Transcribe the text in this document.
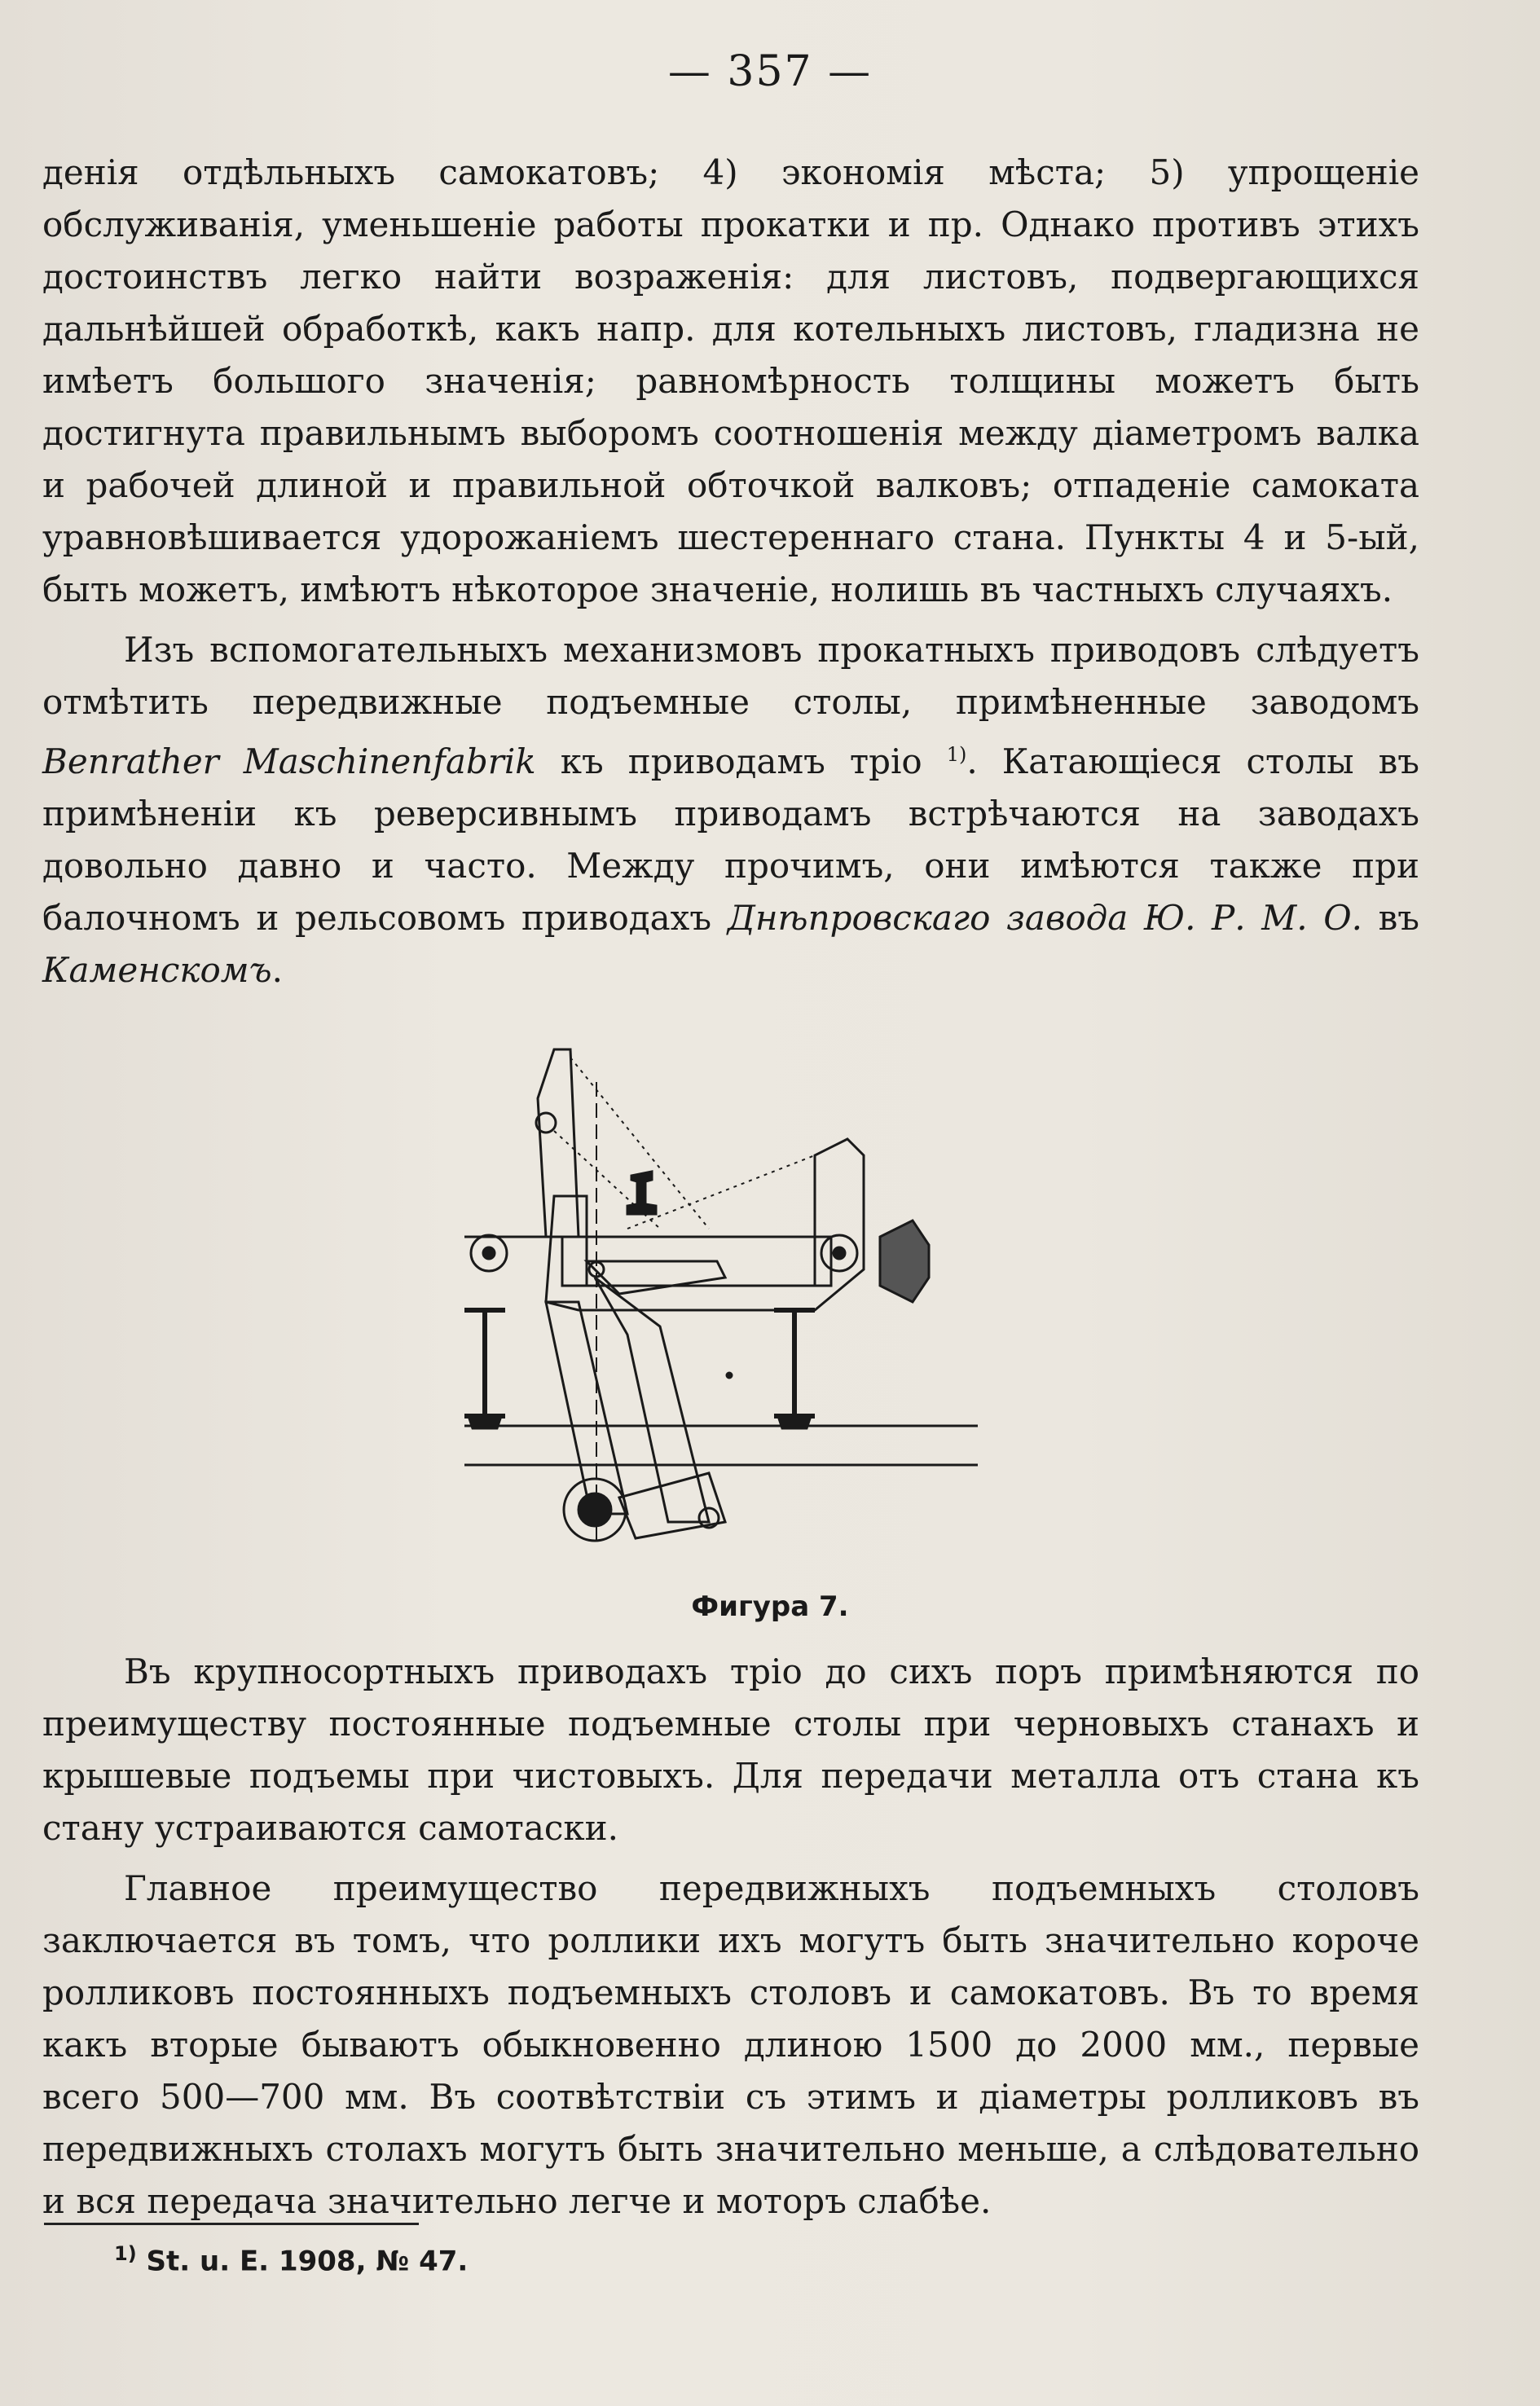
— 357 —

денія отдѣльныхъ самокатовъ; 4) экономія мѣста; 5) упрощеніе обслуживанія, уменьшеніе работы прокатки и пр. Однако противъ этихъ достоинствъ легко найти возраженія: для листовъ, подвергающихся дальнѣйшей обработкѣ, какъ напр. для котельныхъ листовъ, гладизна не имѣетъ большого значенія; равномѣрность толщины можетъ быть достигнута правильнымъ выборомъ соотношенія между діаметромъ валка и рабочей длиной и правильной обточкой валковъ; отпаденіе самоката уравновѣшивается удорожаніемъ шестереннаго стана. Пункты 4 и 5-ый, быть можетъ, имѣютъ нѣкоторое значеніе, нолишь въ частныхъ случаяхъ.

Изъ вспомогательныхъ механизмовъ прокатныхъ приводовъ слѣдуетъ отмѣтить передвижные подъемные столы, примѣненные заводомъ Benrather Maschinenfabrik къ приводамъ тріо $^{1)}$. Катающіеся столы въ примѣненіи къ реверсивнымъ приводамъ встрѣчаются на заводахъ довольно давно и часто. Между прочимъ, они имѣются также при балочномъ и рельсовомъ приводахъ Днѣпровскаго завода Ю. Р. М. О. въ Каменскомъ.

Фигура 7.

Въ крупносортныхъ приводахъ тріо до сихъ поръ примѣняются по преимуществу постоянные подъемные столы при черновыхъ станахъ и крышевые подъемы при чистовыхъ. Для передачи металла отъ стана къ стану устраиваются самотаски.

Главное преимущество передвижныхъ подъемныхъ столовъ заключается въ томъ, что роллики ихъ могутъ быть значительно короче ролликовъ постоянныхъ подъемныхъ столовъ и самокатовъ. Въ то время какъ вторые бываютъ обыкновенно длиною 1500 до 2000 мм., первые всего 500—700 мм. Въ соотвѣтствіи съ этимъ и діаметры ролликовъ въ передвижныхъ столахъ могутъ быть значительно меньше, а слѣдовательно и вся передача значительно легче и моторъ слабѣе.

$^{1)}$ St. u. E. 1908, № 47.
